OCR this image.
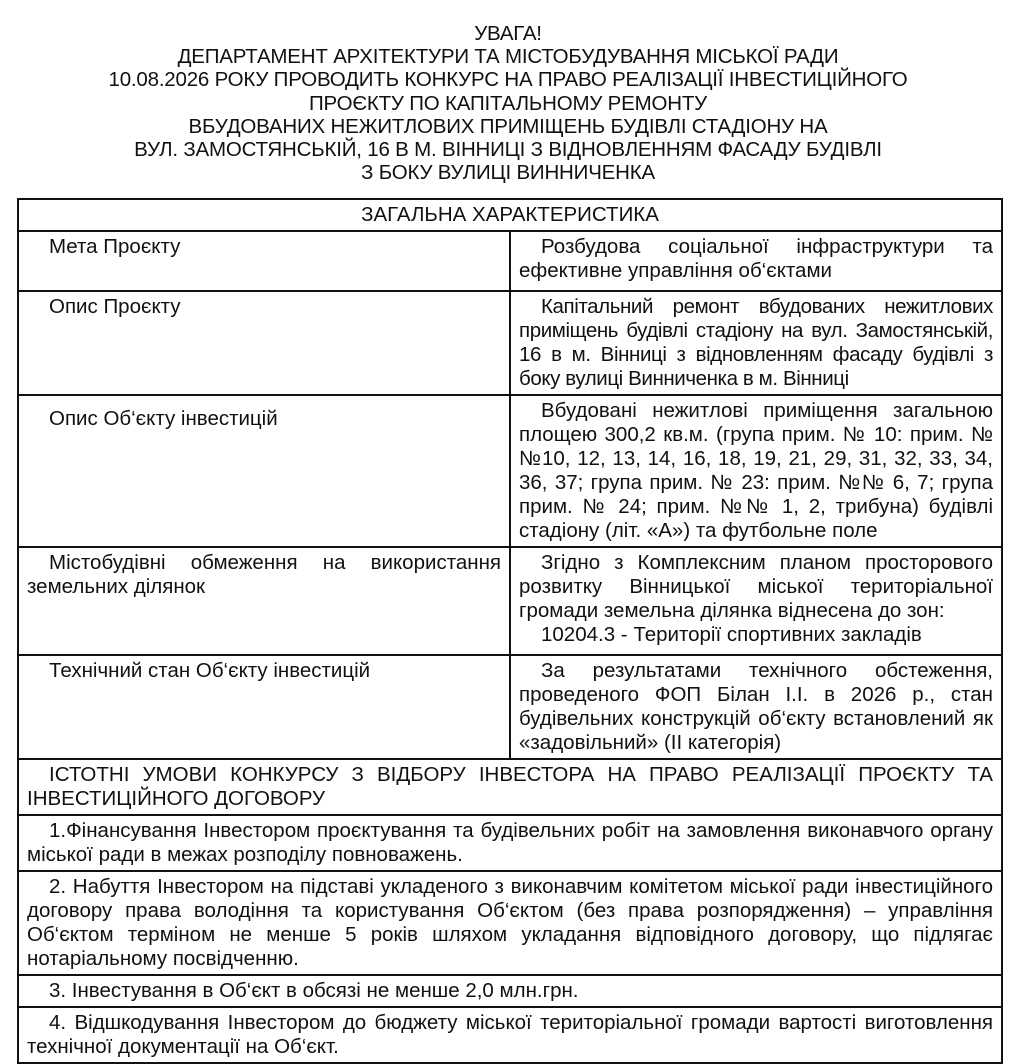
УВАГА!
ДЕПАРТАМЕНТ АРХІТЕКТУРИ ТА МІСТОБУДУВАННЯ МІСЬКОЇ РАДИ
10.08.2026 РОКУ ПРОВОДИТЬ КОНКУРС НА ПРАВО РЕАЛІЗАЦІЇ ІНВЕСТИЦІЙНОГО
ПРОЄКТУ ПО КАПІТАЛЬНОМУ РЕМОНТУ
ВБУДОВАНИХ НЕЖИТЛОВИХ ПРИМІЩЕНЬ БУДІВЛІ СТАДІОНУ НА
ВУЛ. ЗАМОСТЯНСЬКІЙ, 16 В М. ВІННИЦІ З ВІДНОВЛЕННЯМ ФАСАДУ БУДІВЛІ
З БОКУ ВУЛИЦІ ВИННИЧЕНКА
ЗАГАЛЬНА ХАРАКТЕРИСТИКА	
Мета Проєкту	Розбудова соціальної інфраструктури та ефективне управління об‘єктами
Опис Проєкту	Капітальний ремонт вбудованих нежитлових приміщень будівлі стадіону на вул. Замостянській, 16 в м. Вінниці з відновленням фасаду будівлі з боку вулиці Винниченка в м. Вінниці
Опис Об‘єкту інвестицій	Вбудовані нежитлові приміщення загальною площею 300,2 кв.м. (група прим. № 10: прим. №№10, 12, 13, 14, 16, 18, 19, 21, 29, 31, 32, 33, 34, 36, 37; група прим. № 23: прим. №№ 6, 7; група прим. № 24; прим. №№ 1, 2, трибуна) будівлі стадіону (літ. «А») та футбольне поле
Містобудівні обмеження на використання земельних ділянок	Згідно з Комплексним планом просторового розвитку Вінницької міської територіальної громади земельна ділянка віднесена до зон:
10204.3 - Території спортивних закладів
Технічний стан Об‘єкту інвестицій	За результатами технічного обстеження, проведеного ФОП Білан І.І. в 2026 р., стан будівельних конструкцій об‘єкту встановлений як «задовільний» (ІІ категорія)
ІСТОТНІ УМОВИ КОНКУРСУ З ВІДБОРУ ІНВЕСТОРА НА ПРАВО РЕАЛІЗАЦІЇ ПРОЄКТУ ТА ІНВЕСТИЦІЙНОГО ДОГОВОРУ	
1.Фінансування Інвестором проєктування та будівельних робіт на замовлення виконавчого органу міської ради в межах розподілу повноважень.	
2. Набуття Інвестором на підставі укладеного з виконавчим комітетом міської ради інвестиційного договору права володіння та користування Об‘єктом (без права розпорядження) – управління Об‘єктом терміном не менше 5 років шляхом укладання відповідного договору, що підлягає нотаріальному посвідченню.	
3. Інвестування в Об‘єкт в обсязі не менше 2,0 млн.грн.	
4. Відшкодування Інвестором до бюджету міської територіальної громади вартості виготовлення технічної документації на Об‘єкт.	
